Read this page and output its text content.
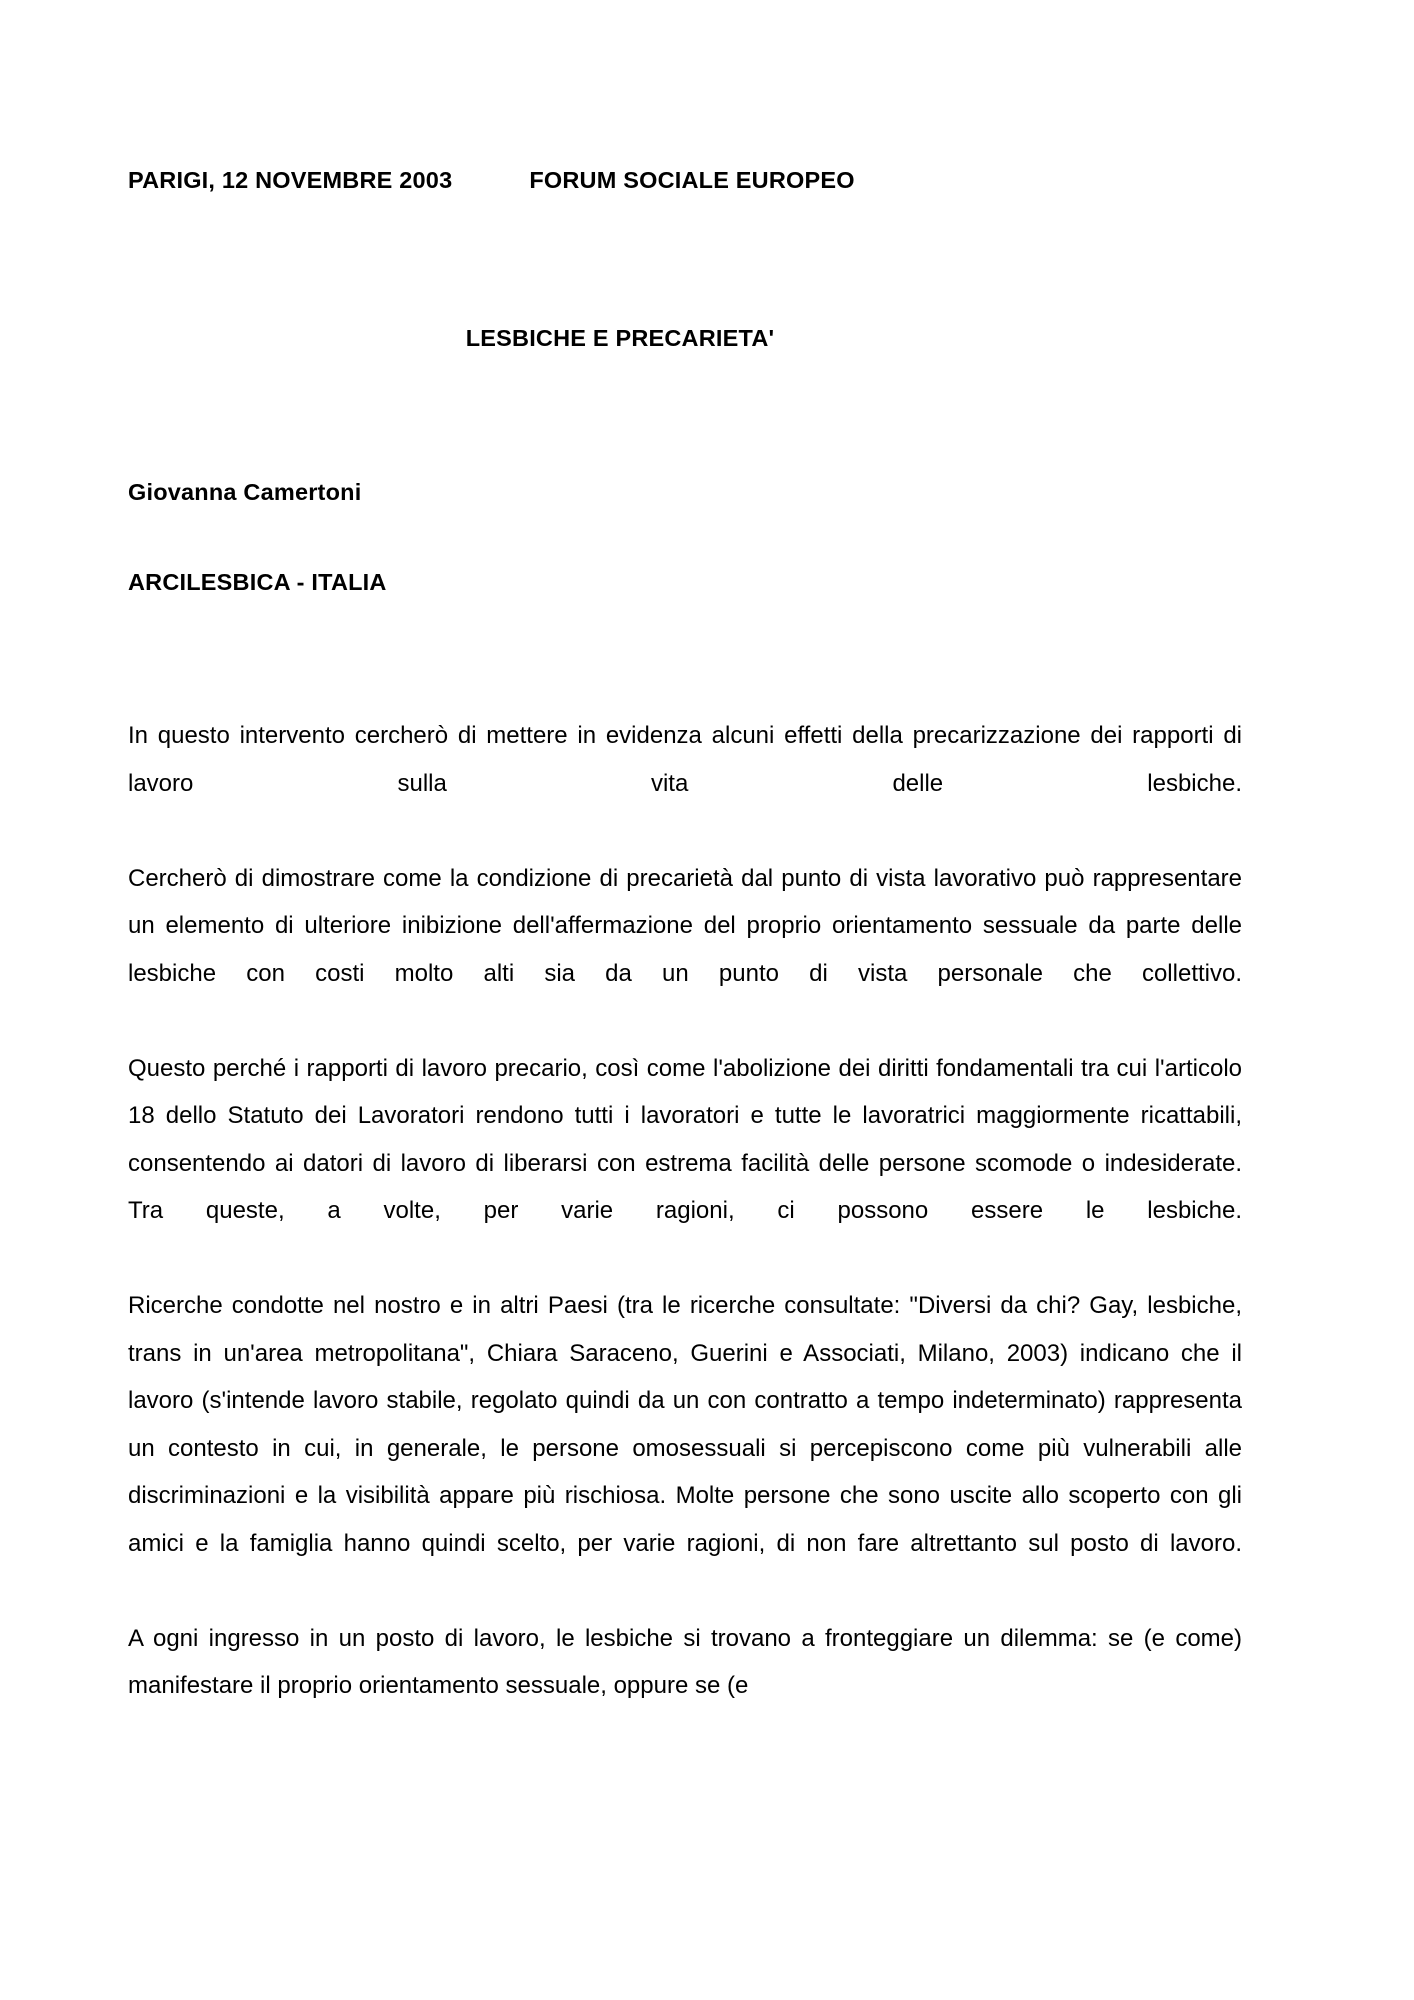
PARIGI, 12 NOVEMBRE 2003	FORUM SOCIALE EUROPEO
LESBICHE E PRECARIETA'
Giovanna Camertoni
ARCILESBICA - ITALIA

In questo intervento cercherò di mettere in evidenza alcuni effetti della precarizzazione dei rapporti di lavoro sulla vita delle lesbiche.

Cercherò di dimostrare come la condizione di precarietà dal punto di vista lavorativo può rappresentare un elemento di ulteriore inibizione dell'affermazione del proprio orientamento sessuale da parte delle lesbiche con costi molto alti sia da un punto di vista personale che collettivo.

Questo perché i rapporti di lavoro precario, così come l'abolizione dei diritti fondamentali tra cui l'articolo 18 dello Statuto dei Lavoratori rendono tutti i lavoratori e tutte le lavoratrici maggiormente ricattabili, consentendo ai datori di lavoro di liberarsi con estrema facilità delle persone scomode o indesiderate. Tra queste, a volte, per varie ragioni, ci possono essere le lesbiche.

Ricerche condotte nel nostro e in altri Paesi (tra le ricerche consultate: "Diversi da chi? Gay, lesbiche, trans in un'area metropolitana", Chiara Saraceno, Guerini e Associati, Milano, 2003) indicano che il lavoro (s'intende lavoro stabile, regolato quindi da un con contratto a tempo indeterminato) rappresenta un contesto in cui, in generale, le persone omosessuali si percepiscono come più vulnerabili alle discriminazioni e la visibilità appare più rischiosa. Molte persone che sono uscite allo scoperto con gli amici e la famiglia hanno quindi scelto, per varie ragioni, di non fare altrettanto sul posto di lavoro.

A ogni ingresso in un posto di lavoro, le lesbiche si trovano a fronteggiare un dilemma: se (e come) manifestare il proprio orientamento sessuale, oppure se (e
